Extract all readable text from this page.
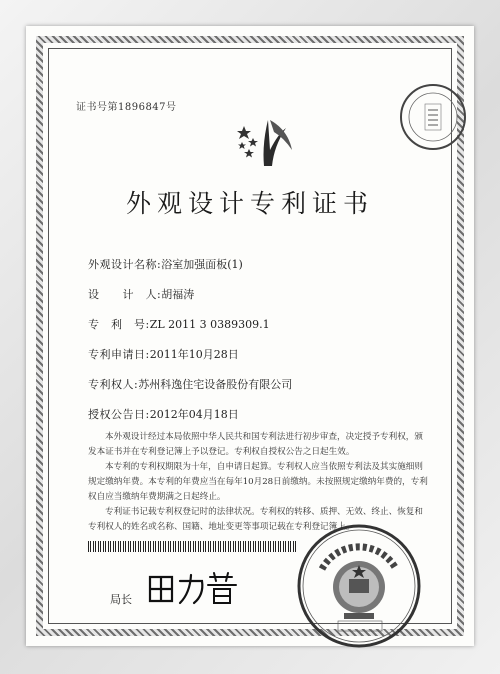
证书号第1896847号
外观设计专利证书
外观设计名称:浴室加强面板(1)
设　　计　人:胡福涛
专　利　号:ZL 2011 3 0389309.1
专利申请日:2011年10月28日
专利权人:苏州科逸住宅设备股份有限公司
授权公告日:2012年04月18日

本外观设计经过本局依照中华人民共和国专利法进行初步审查，决定授予专利权，颁发本证书并在专利登记簿上予以登记。专利权自授权公告之日起生效。

本专利的专利权期限为十年，自申请日起算。专利权人应当依照专利法及其实施细则规定缴纳年费。本专利的年费应当在每年10月28日前缴纳。未按照规定缴纳年费的，专利权自应当缴纳年费期满之日起终止。

专利证书记载专利权登记时的法律状况。专利权的转移、质押、无效、终止、恢复和专利权人的姓名或名称、国籍、地址变更等事项记载在专利登记簿上。

局长
